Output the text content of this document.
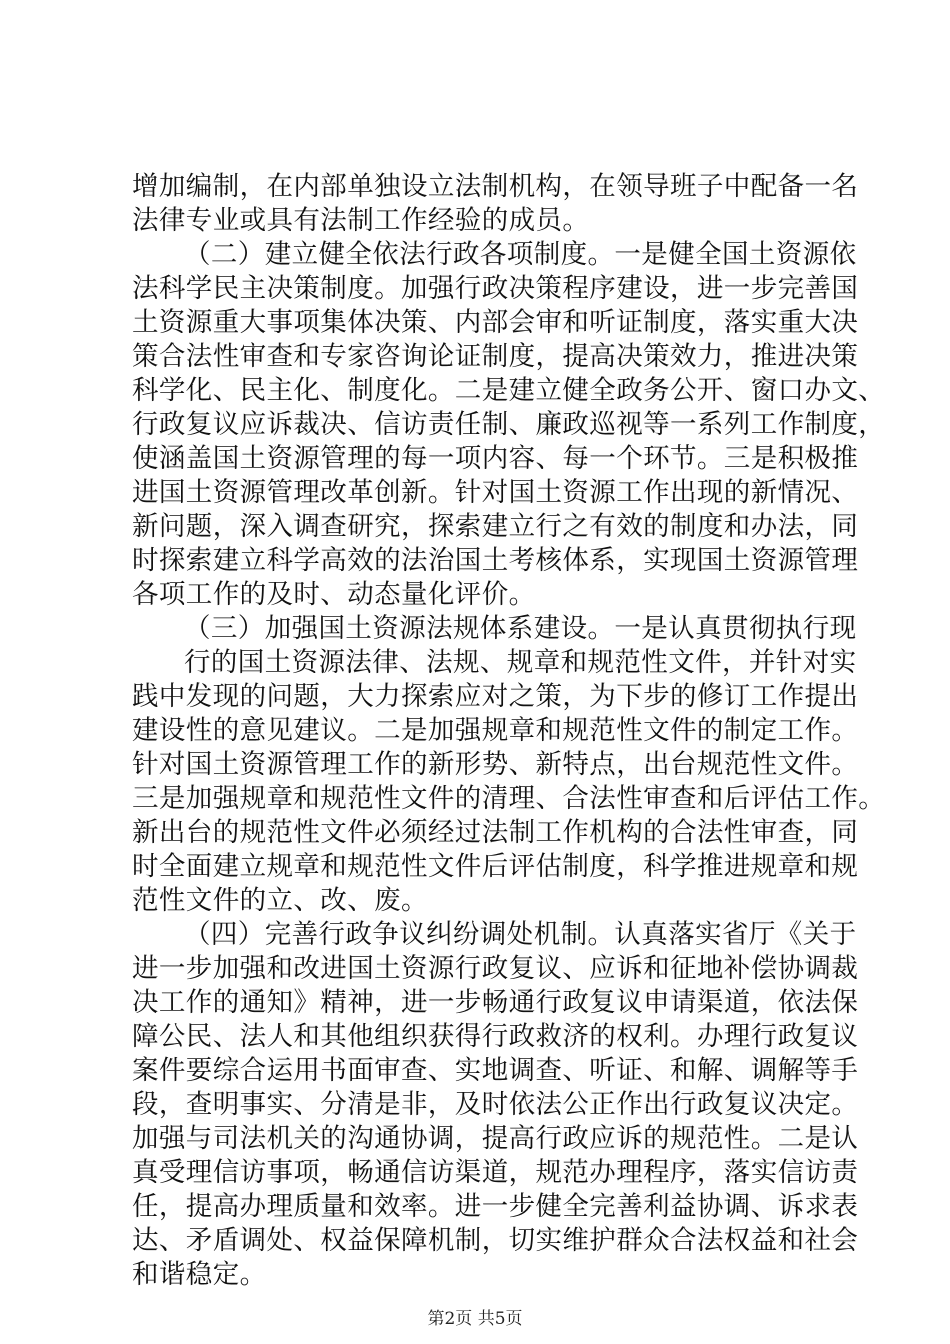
增加编制，在内部单独设立法制机构，在领导班子中配备一名
法律专业或具有法制工作经验的成员。
（二）建立健全依法行政各项制度。一是健全国土资源依
法科学民主决策制度。加强行政决策程序建设，进一步完善国
土资源重大事项集体决策、内部会审和听证制度，落实重大决
策合法性审查和专家咨询论证制度，提高决策效力，推进决策
科学化、民主化、制度化。二是建立健全政务公开、窗口办文、
行政复议应诉裁决、信访责任制、廉政巡视等一系列工作制度，
使涵盖国土资源管理的每一项内容、每一个环节。三是积极推
进国土资源管理改革创新。针对国土资源工作出现的新情况、
新问题，深入调查研究，探索建立行之有效的制度和办法，同
时探索建立科学高效的法治国土考核体系，实现国土资源管理
各项工作的及时、动态量化评价。
（三）加强国土资源法规体系建设。一是认真贯彻执行现
行的国土资源法律、法规、规章和规范性文件，并针对实
践中发现的问题，大力探索应对之策，为下步的修订工作提出
建设性的意见建议。二是加强规章和规范性文件的制定工作。
针对国土资源管理工作的新形势、新特点，出台规范性文件。
三是加强规章和规范性文件的清理、合法性审查和后评估工作。
新出台的规范性文件必须经过法制工作机构的合法性审查，同
时全面建立规章和规范性文件后评估制度，科学推进规章和规
范性文件的立、改、废。
（四）完善行政争议纠纷调处机制。认真落实省厅《关于
进一步加强和改进国土资源行政复议、应诉和征地补偿协调裁
决工作的通知》精神，进一步畅通行政复议申请渠道，依法保
障公民、法人和其他组织获得行政救济的权利。办理行政复议
案件要综合运用书面审查、实地调查、听证、和解、调解等手
段，查明事实、分清是非，及时依法公正作出行政复议决定。
加强与司法机关的沟通协调，提高行政应诉的规范性。二是认
真受理信访事项，畅通信访渠道，规范办理程序，落实信访责
任，提高办理质量和效率。进一步健全完善利益协调、诉求表
达、矛盾调处、权益保障机制，切实维护群众合法权益和社会
和谐稳定。
第2页 共5页
